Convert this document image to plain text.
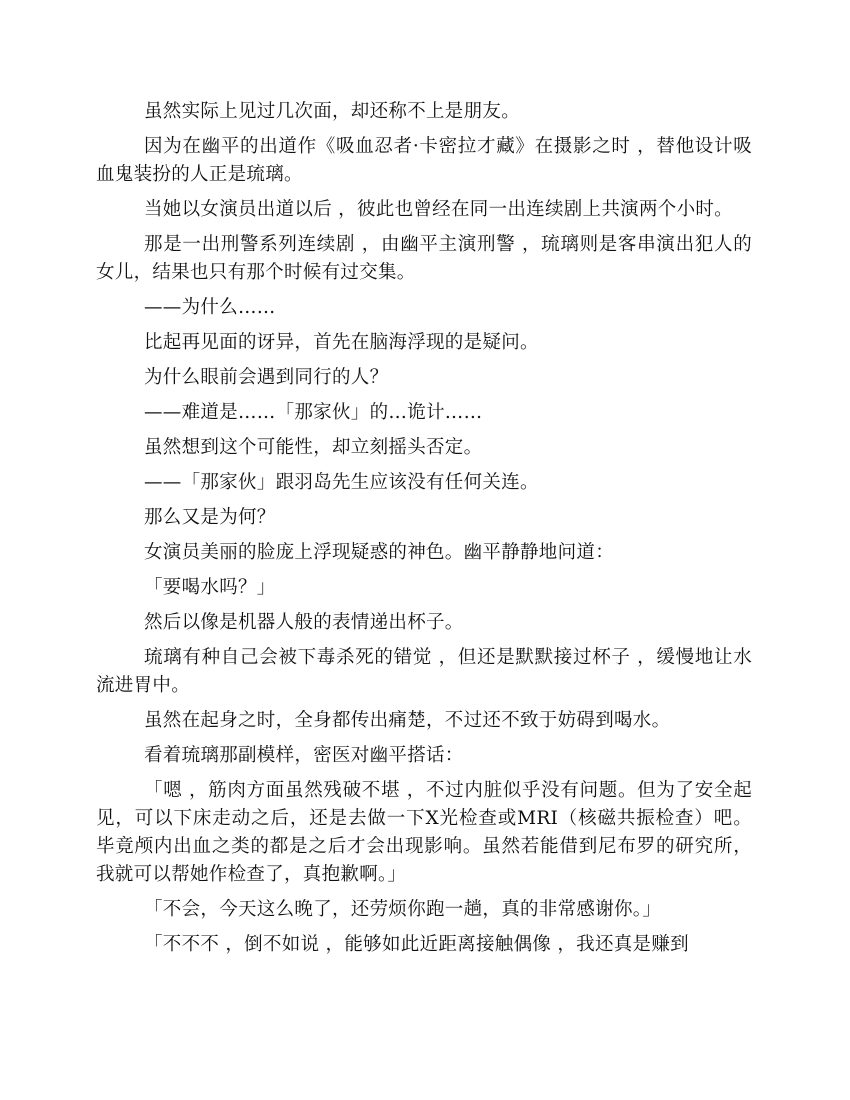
虽然实际上见过几次面，却还称不上是朋友。

因为在幽平的出道作《吸血忍者·卡密拉才藏》在摄影之时 ，替他设计吸血鬼装扮的人正是琉璃。

当她以女演员出道以后 ，彼此也曾经在同一出连续剧上共演两个小时。

那是一出刑警系列连续剧 ，由幽平主演刑警 ，琉璃则是客串演出犯人的女儿，结果也只有那个时候有过交集。

——为什么……

比起再见面的讶异，首先在脑海浮现的是疑问。

为什么眼前会遇到同行的人？

——难道是……「那家伙」的…诡计……

虽然想到这个可能性，却立刻摇头否定。

——「那家伙」跟羽岛先生应该没有任何关连。

那么又是为何？

女演员美丽的脸庞上浮现疑惑的神色。幽平静静地问道：

「要喝水吗？」

然后以像是机器人般的表情递出杯子。

琉璃有种自己会被下毒杀死的错觉 ，但还是默默接过杯子 ，缓慢地让水流进胃中。

虽然在起身之时，全身都传出痛楚，不过还不致于妨碍到喝水。

看着琉璃那副模样，密医对幽平搭话：

「嗯 ，筋肉方面虽然残破不堪 ，不过内脏似乎没有问题。但为了安全起见，可以下床走动之后，还是去做一下X光检查或MRI（核磁共振检查）吧。毕竟颅内出血之类的都是之后才会出现影响。虽然若能借到尼布罗的研究所，我就可以帮她作检查了，真抱歉啊。」

「不会，今天这么晚了，还劳烦你跑一趟，真的非常感谢你。」

「不不不 ，倒不如说 ，能够如此近距离接触偶像 ，我还真是赚到
